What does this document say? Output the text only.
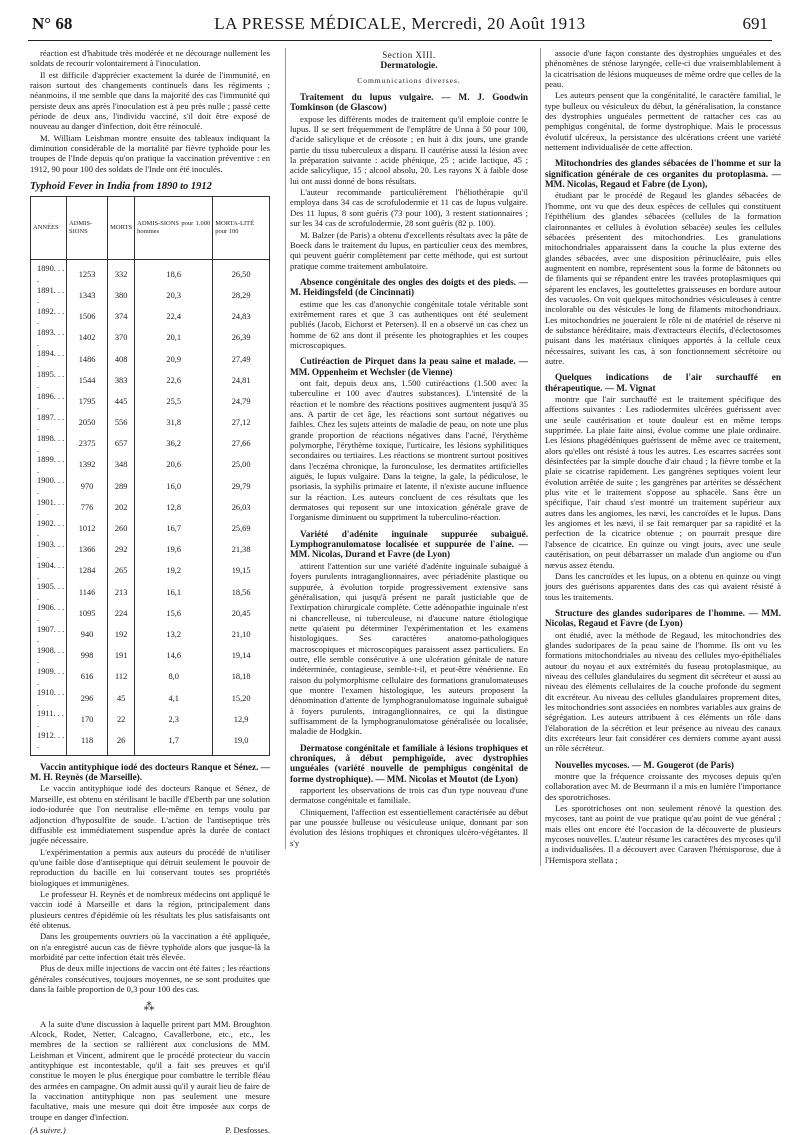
N° 68	LA PRESSE MÉDICALE, Mercredi, 20 Août 1913	691

réaction est d'habitude très modérée et ne décourage nullement les soldats de recourir volontairement à l'inoculation.

Il est difficile d'apprécier exactement la durée de l'immunité, en raison surtout des changements continuels dans les régiments ; néanmoins, il me semble que dans la majorité des cas l'immunité qui persiste deux ans après l'inoculation est à peu près nulle ; passé cette période de deux ans, l'individu vacciné, s'il doit être exposé de nouveau au danger d'infection, doit être réinoculé.

M. William Leishman montre ensuite des tableaux indiquant la diminution considérable de la mortalité par fièvre typhoïde pour les troupes de l'Inde depuis qu'on pratique la vaccination préventive : en 1912, 90 pour 100 des soldats de l'Inde ont été inoculés.

Typhoid Fever in India from 1890 to 1912

ANNÉES	ADMIS-SIONS	MORTS	ADMIS-SIONS pour 1.000 hommes	MORTA-LITÉ pour 100
1890. . . .	1253	332	18,6	26,50
1891. . . .	1343	380	20,3	28,29
1892. . . .	1506	374	22,4	24,83
1893. . . .	1402	370	20,1	26,39
1894. . . .	1486	408	20,9	27,49
1895. . . .	1544	383	22,6	24,81
1896. . . .	1795	445	25,5	24,79
1897. . . .	2050	556	31,8	27,12
1898. . . .	2375	657	36,2	27,66
1899. . . .	1392	348	20,6	25,00
1900. . . .	970	289	16,0	29,79
1901. . . .	776	202	12,8	26,03
1902. . . .	1012	260	16,7	25,69
1903. . . .	1366	292	19,6	21,38
1904. . . .	1284	265	19,2	19,15
1905. . . .	1146	213	16,1	18,56
1906. . . .	1095	224	15,6	20,45
1907. . . .	940	192	13,2	21,10
1908. . . .	998	191	14,6	19,14
1909. . . .	616	112	8,0	18,18
1910. . . .	296	45	4,1	15,20
1911. . . .	170	22	2,3	12,9
1912. . . .	118	26	1,7	19,0

Vaccin antityphique iodé des docteurs Ranque et Sénez. — M. H. Reynès (de Marseille).

Le vaccin antityphique iodé des docteurs Ranque et Sénez, de Marseille, est obtenu en stérilisant le bacille d'Eberth par une solution iodo-iodurée que l'on neutralise elle-même en temps voulu par adjonction d'hyposulfite de soude. L'action de l'antiseptique très diffusible est immédiatement suspendue après la durée de contact jugée nécessaire.

L'expérimentation a permis aux auteurs du procédé de n'utiliser qu'une faible dose d'antiseptique qui détruit seulement le pouvoir de reproduction du bacille en lui conservant toutes ses propriétés biologiques et immunigènes.

Le professeur H. Reynès et de nombreux médecins ont appliqué le vaccin iodé à Marseille et dans la région, principalement dans plusieurs centres d'épidémie où les résultats les plus satisfaisants ont été obtenus.

Dans les groupements ouvriers où la vaccination a été appliquée, on n'a enregistré aucun cas de fièvre typhoïde alors que jusque-là la morbidité par cette infection était très élevée.

Plus de deux mille injections de vaccin ont été faites ; les réactions générales consécutives, toujours moyennes, ne se sont produites que dans la faible proportion de 0,3 pour 100 des cas.

⁂

A la suite d'une discussion à laquelle prirent part MM. Broughton Alcock, Rodet, Netter, Calcagno, Cavallerbone, etc., etc., les membres de la section se rallièrent aux conclusions de MM. Leishman et Vincent, admirent que le procédé protecteur du vaccin antityphique est incontestable, qu'il a fait ses preuves et qu'il constitue le moyen le plus énergique pour combattre le terrible fléau des armées en campagne. On admit aussi qu'il y aurait lieu de faire de la vaccination antityphique non pas seulement une mesure facultative, mais une mesure qui doit être imposée aux corps de troupe en danger d'infection.

(A suivre.)	P. Desfosses.

Section XIII.

Dermatologie.

Communications diverses.

Traitement du lupus vulgaire. — M. J. Goodwin Tomkinson (de Glascow)

expose les différents modes de traitement qu'il emploie contre le lupus. Il se sert fréquemment de l'emplâtre de Unna à 50 pour 100, d'acide salicylique et de créosote ; en huit à dix jours, une grande partie du tissu tuberculeux a disparu. Il cautérise aussi la lésion avec la préparation suivante : acide phénique, 25 ; acide lactique, 45 ; acide salicylique, 15 ; alcool absolu, 20. Les rayons X à faible dose lui ont aussi donné de bons résultats.

L'auteur recommande particulièrement l'héliothérapie qu'il employa dans 34 cas de scrofulodermie et 11 cas de lupus vulgaire. Des 11 lupus, 8 sont guéris (73 pour 100), 3 restent stationnaires ; sur les 34 cas de scrofulodermie, 28 sont guéris (82 p. 100).

M. Balzer (de Paris) a obtenu d'excellents résultats avec la pâte de Boeck dans le traitement du lupus, en particulier ceux des membres, qui peuvent guérir complètement par cette méthode, qui est surtout pratique comme traitement ambulatoire.

Absence congénitale des ongles des doigts et des pieds. — M. Heidingsfeld (de Cincinnati)

estime que les cas d'anonychie congénitale totale véritable sont extrêmement rares et que 3 cas authentiques ont été seulement publiés (Jacob, Eichorst et Petersen). Il en a observé un cas chez un homme de 62 ans dont il présente les photographies et les coupes microscopiques.

Cutiréaction de Pirquet dans la peau saine et malade. — MM. Oppenheim et Wechsler (de Vienne)

ont fait, depuis deux ans, 1.500 cutiréactions (1.500 avec la tuberculine et 100 avec d'autres substances). L'intensité de la réaction et le nombre des réactions positives augmentent jusqu'à 35 ans. A partir de cet âge, les réactions sont surtout négatives ou faibles. Chez les sujets atteints de maladie de peau, on note une plus grande proportion de réactions négatives dans l'acné, l'érythème polymorphe, l'érythème toxique, l'urticaire, les lésions syphilitiques secondaires ou tertiaires. Les réactions se montrent surtout positives dans l'eczéma chronique, la furonculose, les dermatites artificielles aiguës, le lupus vulgaire. Dans la teigne, la gale, la pédiculose, le psoriasis, la syphilis primaire et latente, il n'existe aucune influence sur la réaction. Les auteurs concluent de ces résultats que les dermatoses qui reposent sur une intoxication générale grave de l'organisme diminuent ou suppriment la tuberculino-réaction.

Variété d'adénite inguinale suppurée subaiguë. Lymphogranulomatose localisée et suppurée de l'aine. — MM. Nicolas, Durand et Favre (de Lyon)

attirent l'attention sur une variété d'adénite inguinale subaiguë à foyers purulents intraganglionnaires, avec périadénite plastique ou suppurée, à évolution torpide progressivement extensive sans généralisation, qui jusqu'à présent ne paraît justiciable que de l'extirpation chirurgicale complète. Cette adénopathie inguinale n'est ni chancrelleuse, ni tuberculeuse, ni d'aucune nature étiologique nette qu'aient pu déterminer l'expérimentation et les examens histologiques. Ses caractères anatomo-pathologiques macroscopiques et microscopiques paraissent assez particuliers. En outre, elle semble consécutive à une ulcération génitale de nature indéterminée, contagieuse, semble-t-il, et peut-être vénérienne. En raison du polymorphisme cellulaire des formations granulomateuses que montre l'examen histologique, les auteurs proposent la dénomination d'attente de lymphogranulomatose inguinale subaiguë à foyers purulents, intraganglionnaires, ce qui la distingue suffisamment de la lymphogranulomatose généralisée ou localisée, maladie de Hodgkin.

Dermatose congénitale et familiale à lésions trophiques et chroniques, à début pemphigoïde, avec dystrophies unguéales (variété nouvelle de pemphigus congénital de forme dystrophique). — MM. Nicolas et Moutot (de Lyon)

rapportent les observations de trois cas d'un type nouveau d'une dermatose congénitale et familiale.

Cliniquement, l'affection est essentiellement caractérisée au début par une poussée bulleuse ou vésiculeuse unique, donnant par son évolution des lésions trophiques et chroniques ulcéro-végétantes. Il s'y

associe d'une façon constante des dystrophies unguéales et des phénomènes de sténose laryngée, celle-ci due vraisemblablement à la cicatrisation de lésions muqueuses de même ordre que celles de la peau.

Les auteurs pensent que la congénitalité, le caractère familial, le type bulleux ou vésiculeux du début, la généralisation, la constance des dystrophies unguéales permettent de rattacher ces cas au pemphigus congénital, de forme dystrophique. Mais le processus évolutif ulcéreux, la persistance des ulcérations créent une variété nettement individualisée de cette affection.

Mitochondries des glandes sébacées de l'homme et sur la signification générale de ces organites du protoplasma. — MM. Nicolas, Regaud et Fabre (de Lyon),

étudiant par le procédé de Regaud les glandes sébacées de l'homme, ont vu que des deux espèces de cellules qui constituent l'épithélium des glandes sébacées (cellules de la formation claironnantes et cellules à évolution sébacée) seules les cellules sébacées présentent des mitochondries. Les granulations mitochondriales apparaissent dans la couche la plus externe des glandes sébacées, avec une disposition périnucléaire, puis elles augmentent en nombre, représentent sous la forme de bâtonnets ou de filaments qui se répandent entre les travées protoplasmiques qui séparent les enclaves, les gouttelettes graisseuses en bordure autour des vacuoles. On voit quelques mitochondries vésiculeuses à centre incolorable ou des vésicules le long de filaments mitochondriaux. Les mitochondries ne joueraient le rôle ni de matériel de réserve ni de substance héréditaire, mais d'extracteurs électifs, d'éclectosomes puisant dans les matériaux cliniques apportés à la cellule ceux nécessaires, suivant les cas, à son fonctionnement sécrétoire ou autre.

Quelques indications de l'air surchauffé en thérapeutique. — M. Vignat

montre que l'air surchauffé est le traitement spécifique des affections suivantes : Les radiodermites ulcérées guérissent avec une seule cautérisation et toute douleur est en même temps supprimée. La plaie faite ainsi, évolue comme une plaie ordinaire. Les lésions phagédéniques guérissent de même avec ce traitement, alors qu'elles ont résisté à tous les autres. Les escarres sacrées sont désinfectées par la simple douche d'air chaud ; la fièvre tombe et la plaie se cicatrise rapidement. Les gangrènes septiques voient leur évolution arrêtée de suite ; les gangrènes par artérites se désséchent plus vite et le traitement s'oppose au sphacèle. Sans être un spécifique, l'air chaud s'est montré un traitement supérieur aux autres dans les angiomes, les nævi, les cancroïdes et le lupus. Dans les angiomes et les nævi, il se fait remarquer par sa rapidité et la perfection de la cicatrice obtenue ; on pourrait presque dire l'absence de cicatrice. En quinze ou vingt jours, avec une seule cautérisation, on peut débarrasser un malade d'un angiome ou d'un nævus assez étendu.

Dans les cancroïdes et les lupus, on a obtenu en quinze ou vingt jours des guérisons apparentes dans des cas qui avaient résisté à tous les traitements.

Structure des glandes sudoripares de l'homme. — MM. Nicolas, Regaud et Favre (de Lyon)

ont étudié, avec la méthode de Regaud, les mitochondries des glandes sudoripares de la peau saine de l'homme. Ils ont vu les formations mitochondriales au niveau des cellules myo-épithéliales autour du noyau et aux extrémités du fuseau protoplasmique, au niveau des cellules glandulaires du segment dit sécréteur et aussi au niveau des éléments cellulaires de la couche profonde du segment dit excréteur. Au niveau des cellules glandulaires proprement dites, les mitochondries sont associées en nombres variables aux grains de ségrégation. Les auteurs attribuent à ces éléments un rôle dans l'élaboration de la sécrétion et leur présence au niveau des canaux dits excréteurs leur fait considérer ces derniers comme ayant aussi un rôle sécréteur.

Nouvelles mycoses. — M. Gougerot (de Paris)

montre que la fréquence croissante des mycoses depuis qu'en collaboration avec M. de Beurmann il a mis en lumière l'importance des sporotrichoses.

Les sporotrichoses ont non seulement rénové la question des mycoses, tant au point de vue pratique qu'au point de vue général ; mais elles ont encore été l'occasion de la découverte de plusieurs mycoses nouvelles. L'auteur résume les caractères des mycoses qu'il a individualisées. Il a découvert avec Caraven l'hémisporose, due à l'Hemispora stellata ;
